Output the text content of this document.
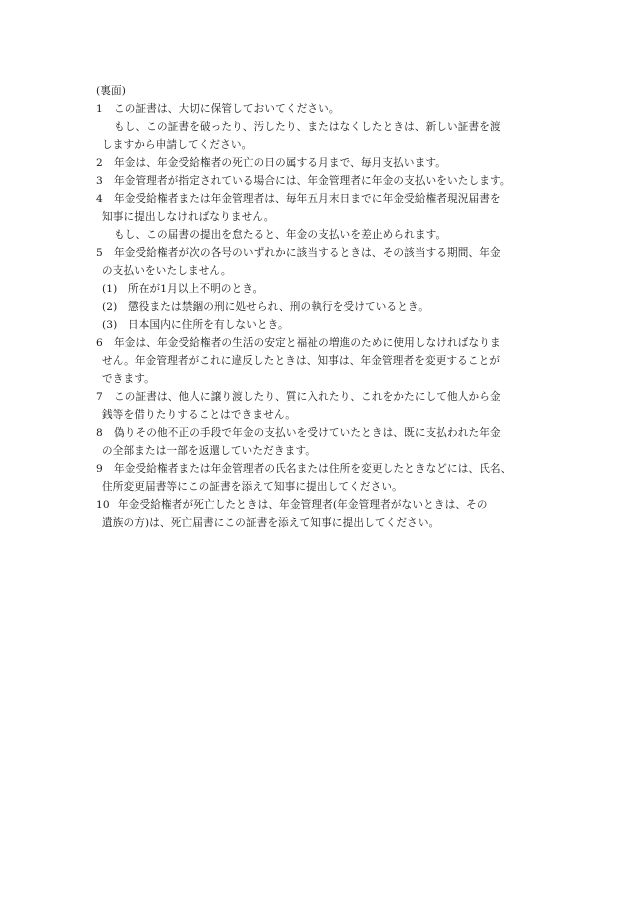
(裏面)
1 この証書は、大切に保管しておいてください。
もし、この証書を破ったり、汚したり、またはなくしたときは、新しい証書を渡
しますから申請してください。
2 年金は、年金受給権者の死亡の日の属する月まで、毎月支払います。
3 年金管理者が指定されている場合には、年金管理者に年金の支払いをいたします。
4 年金受給権者または年金管理者は、毎年五月末日までに年金受給権者現況届書を
知事に提出しなければなりません。
もし、この届書の提出を怠たると、年金の支払いを差止められます。
5 年金受給権者が次の各号のいずれかに該当するときは、その該当する期間、年金
の支払いをいたしません。
(1) 所在が1月以上不明のとき。
(2) 懲役または禁錮の刑に処せられ、刑の執行を受けているとき。
(3) 日本国内に住所を有しないとき。
6 年金は、年金受給権者の生活の安定と福祉の増進のために使用しなければなりま
せん。年金管理者がこれに違反したときは、知事は、年金管理者を変更することが
できます。
7 この証書は、他人に譲り渡したり、質に入れたり、これをかたにして他人から金
銭等を借りたりすることはできません。
8 偽りその他不正の手段で年金の支払いを受けていたときは、既に支払われた年金
の全部または一部を返還していただきます。
9 年金受給権者または年金管理者の氏名または住所を変更したときなどには、氏名、
住所変更届書等にこの証書を添えて知事に提出してください。
10 年金受給権者が死亡したときは、年金管理者(年金管理者がないときは、その
遺族の方)は、死亡届書にこの証書を添えて知事に提出してください。
